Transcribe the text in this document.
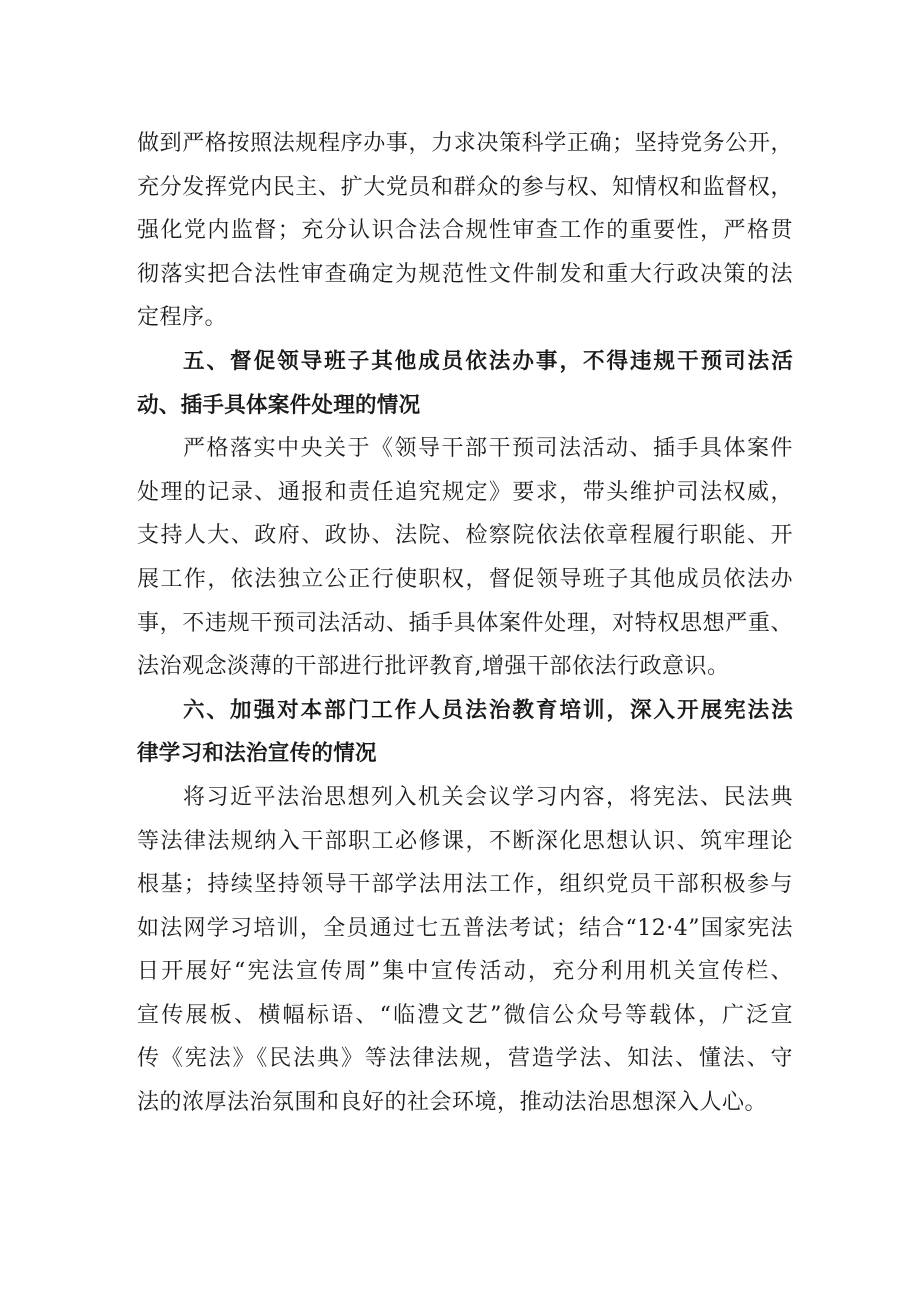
做到严格按照法规程序办事，力求决策科学正确；坚持党务公开，
充分发挥党内民主、扩大党员和群众的参与权、知情权和监督权，
强化党内监督；充分认识合法合规性审查工作的重要性，严格贯
彻落实把合法性审查确定为规范性文件制发和重大行政决策的法
定程序。
五、督促领导班子其他成员依法办事，不得违规干预司法活
动、插手具体案件处理的情况
严格落实中央关于《领导干部干预司法活动、插手具体案件
处理的记录、通报和责任追究规定》要求，带头维护司法权威，
支持人大、政府、政协、法院、检察院依法依章程履行职能、开
展工作，依法独立公正行使职权，督促领导班子其他成员依法办
事，不违规干预司法活动、插手具体案件处理，对特权思想严重、
法治观念淡薄的干部进行批评教育,增强干部依法行政意识。
六、加强对本部门工作人员法治教育培训，深入开展宪法法
律学习和法治宣传的情况
将习近平法治思想列入机关会议学习内容，将宪法、民法典
等法律法规纳入干部职工必修课，不断深化思想认识、筑牢理论
根基；持续坚持领导干部学法用法工作，组织党员干部积极参与
如法网学习培训，全员通过七五普法考试；结合“12·4”国家宪法
日开展好“宪法宣传周”集中宣传活动，充分利用机关宣传栏、
宣传展板、横幅标语、“临澧文艺”微信公众号等载体，广泛宣
传《宪法》《民法典》等法律法规，营造学法、知法、懂法、守
法的浓厚法治氛围和良好的社会环境，推动法治思想深入人心。
